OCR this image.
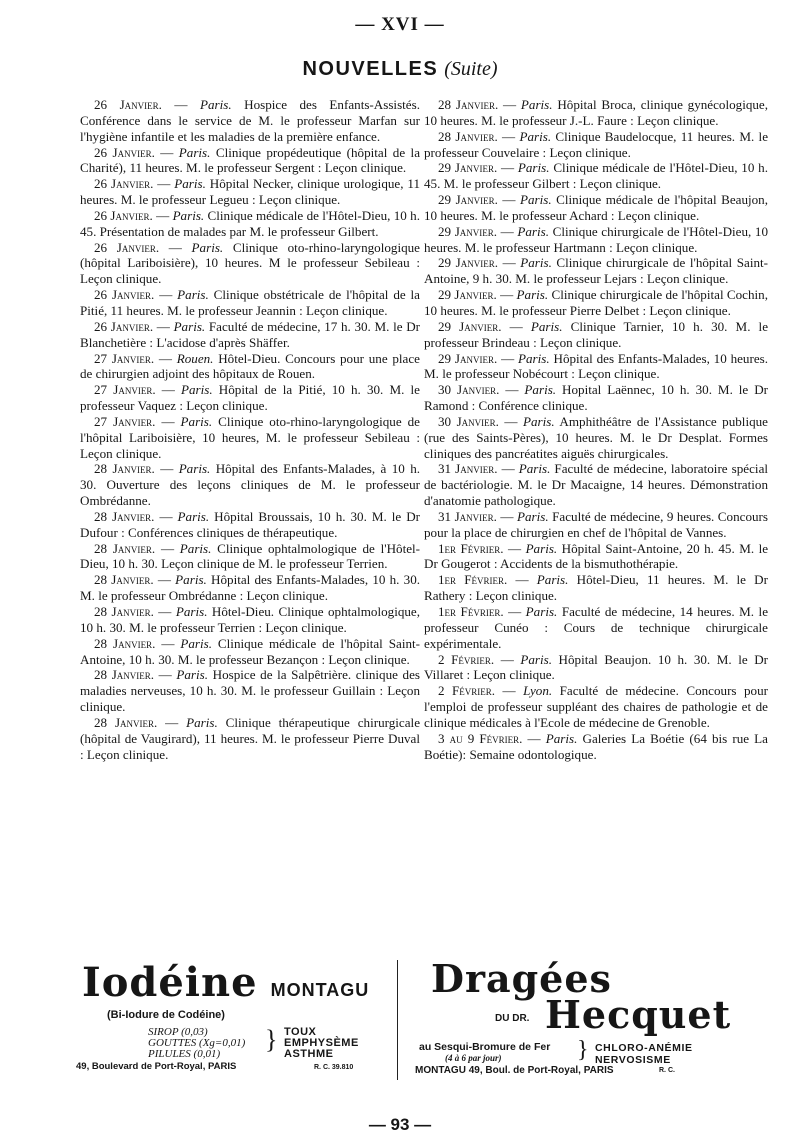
— XVI —
NOUVELLES (Suite)
26 Janvier. — Paris. Hospice des Enfants-Assistés. Conférence dans le service de M. le professeur Marfan sur l'hygiène infantile et les maladies de la première enfance.
26 Janvier. — Paris. Clinique propédeutique (hôpital de la Charité), 11 heures. M. le professeur Sergent : Leçon clinique.
26 Janvier. — Paris. Hôpital Necker, clinique urologique, 11 heures. M. le professeur Legueu : Leçon clinique.
26 Janvier. — Paris. Clinique médicale de l'Hôtel-Dieu, 10 h. 45. Présentation de malades par M. le professeur Gilbert.
26 Janvier. — Paris. Clinique oto-rhino-laryngologique (hôpital Lariboisière), 10 heures. M le professeur Sebileau : Leçon clinique.
26 Janvier. — Paris. Clinique obstétricale de l'hôpital de la Pitié, 11 heures. M. le professeur Jeannin : Leçon clinique.
26 Janvier. — Paris. Faculté de médecine, 17 h. 30. M. le Dr Blanchetière : L'acidose d'après Shäffer.
27 Janvier. — Rouen. Hôtel-Dieu. Concours pour une place de chirurgien adjoint des hôpitaux de Rouen.
27 Janvier. — Paris. Hôpital de la Pitié, 10 h. 30. M. le professeur Vaquez : Leçon clinique.
27 Janvier. — Paris. Clinique oto-rhino-laryngologique de l'hôpital Lariboisière, 10 heures, M. le professeur Sebileau : Leçon clinique.
28 Janvier. — Paris. Hôpital des Enfants-Malades, à 10 h. 30. Ouverture des leçons cliniques de M. le professeur Ombrédanne.
28 Janvier. — Paris. Hôpital Broussais, 10 h. 30. M. le Dr Dufour : Conférences cliniques de thérapeutique.
28 Janvier. — Paris. Clinique ophtalmologique de l'Hôtel-Dieu, 10 h. 30. Leçon clinique de M. le professeur Terrien.
28 Janvier. — Paris. Hôpital des Enfants-Malades, 10 h. 30. M. le professeur Ombrédanne : Leçon clinique.
28 Janvier. — Paris. Hôtel-Dieu. Clinique ophtalmologique, 10 h. 30. M. le professeur Terrien : Leçon clinique.
28 Janvier. — Paris. Clinique médicale de l'hôpital Saint-Antoine, 10 h. 30. M. le professeur Bezançon : Leçon clinique.
28 Janvier. — Paris. Hospice de la Salpêtrière. clinique des maladies nerveuses, 10 h. 30. M. le professeur Guillain : Leçon clinique.
28 Janvier. — Paris. Clinique thérapeutique chirurgicale (hôpital de Vaugirard), 11 heures. M. le professeur Pierre Duval : Leçon clinique.
28 Janvier. — Paris. Hôpital Broca, clinique gynécologique, 10 heures. M. le professeur J.-L. Faure : Leçon clinique.
28 Janvier. — Paris. Clinique Baudelocque, 11 heures. M. le professeur Couvelaire : Leçon clinique.
29 Janvier. — Paris. Clinique médicale de l'Hôtel-Dieu, 10 h. 45. M. le professeur Gilbert : Leçon clinique.
29 Janvier. — Paris. Clinique médicale de l'hôpital Beaujon, 10 heures. M. le professeur Achard : Leçon clinique.
29 Janvier. — Paris. Clinique chirurgicale de l'Hôtel-Dieu, 10 heures. M. le professeur Hartmann : Leçon clinique.
29 Janvier. — Paris. Clinique chirurgicale de l'hôpital Saint-Antoine, 9 h. 30. M. le professeur Lejars : Leçon clinique.
29 Janvier. — Paris. Clinique chirurgicale de l'hôpital Cochin, 10 heures. M. le professeur Pierre Delbet : Leçon clinique.
29 Janvier. — Paris. Clinique Tarnier, 10 h. 30. M. le professeur Brindeau : Leçon clinique.
29 Janvier. — Paris. Hôpital des Enfants-Malades, 10 heures. M. le professeur Nobécourt : Leçon clinique.
30 Janvier. — Paris. Hopital Laënnec, 10 h. 30. M. le Dr Ramond : Conférence clinique.
30 Janvier. — Paris. Amphithéâtre de l'Assistance publique (rue des Saints-Pères), 10 heures. M. le Dr Desplat. Formes cliniques des pancréatites aiguës chirurgicales.
31 Janvier. — Paris. Faculté de médecine, laboratoire spécial de bactériologie. M. le Dr Macaigne, 14 heures. Démonstration d'anatomie pathologique.
31 Janvier. — Paris. Faculté de médecine, 9 heures. Concours pour la place de chirurgien en chef de l'hôpital de Vannes.
1er Février. — Paris. Hôpital Saint-Antoine, 20 h. 45. M. le Dr Gougerot : Accidents de la bismuthothérapie.
1er Février. — Paris. Hôtel-Dieu, 11 heures. M. le Dr Rathery : Leçon clinique.
1er Février. — Paris. Faculté de médecine, 14 heures. M. le professeur Cunéo : Cours de technique chirurgicale expérimentale.
2 Février. — Paris. Hôpital Beaujon. 10 h. 30. M. le Dr Villaret : Leçon clinique.
2 Février. — Lyon. Faculté de médecine. Concours pour l'emploi de professeur suppléant des chaires de pathologie et de clinique médicales à l'Ecole de médecine de Grenoble.
3 au 9 Février. — Paris. Galeries La Boétie (64 bis rue La Boétie): Semaine odontologique.
Iodéine MONTAGU
(Bi-Iodure de Codéine)
SIROP (0,03)
GOUTTES (Xg=0,01)
PILULES (0,01)	} TOUX
EMPHYSÈME
ASTHME
49, Boulevard de Port-Royal, PARIS	R. C. 39.810
Dragées
DU DR. Hecquet
au Sesqui-Bromure de Fer
(4 à 6 par jour)	} CHLORO-ANÉMIE
NERVOSISME
MONTAGU 49, Boul. de Port-Royal, PARIS	R. C.
— 93 —
